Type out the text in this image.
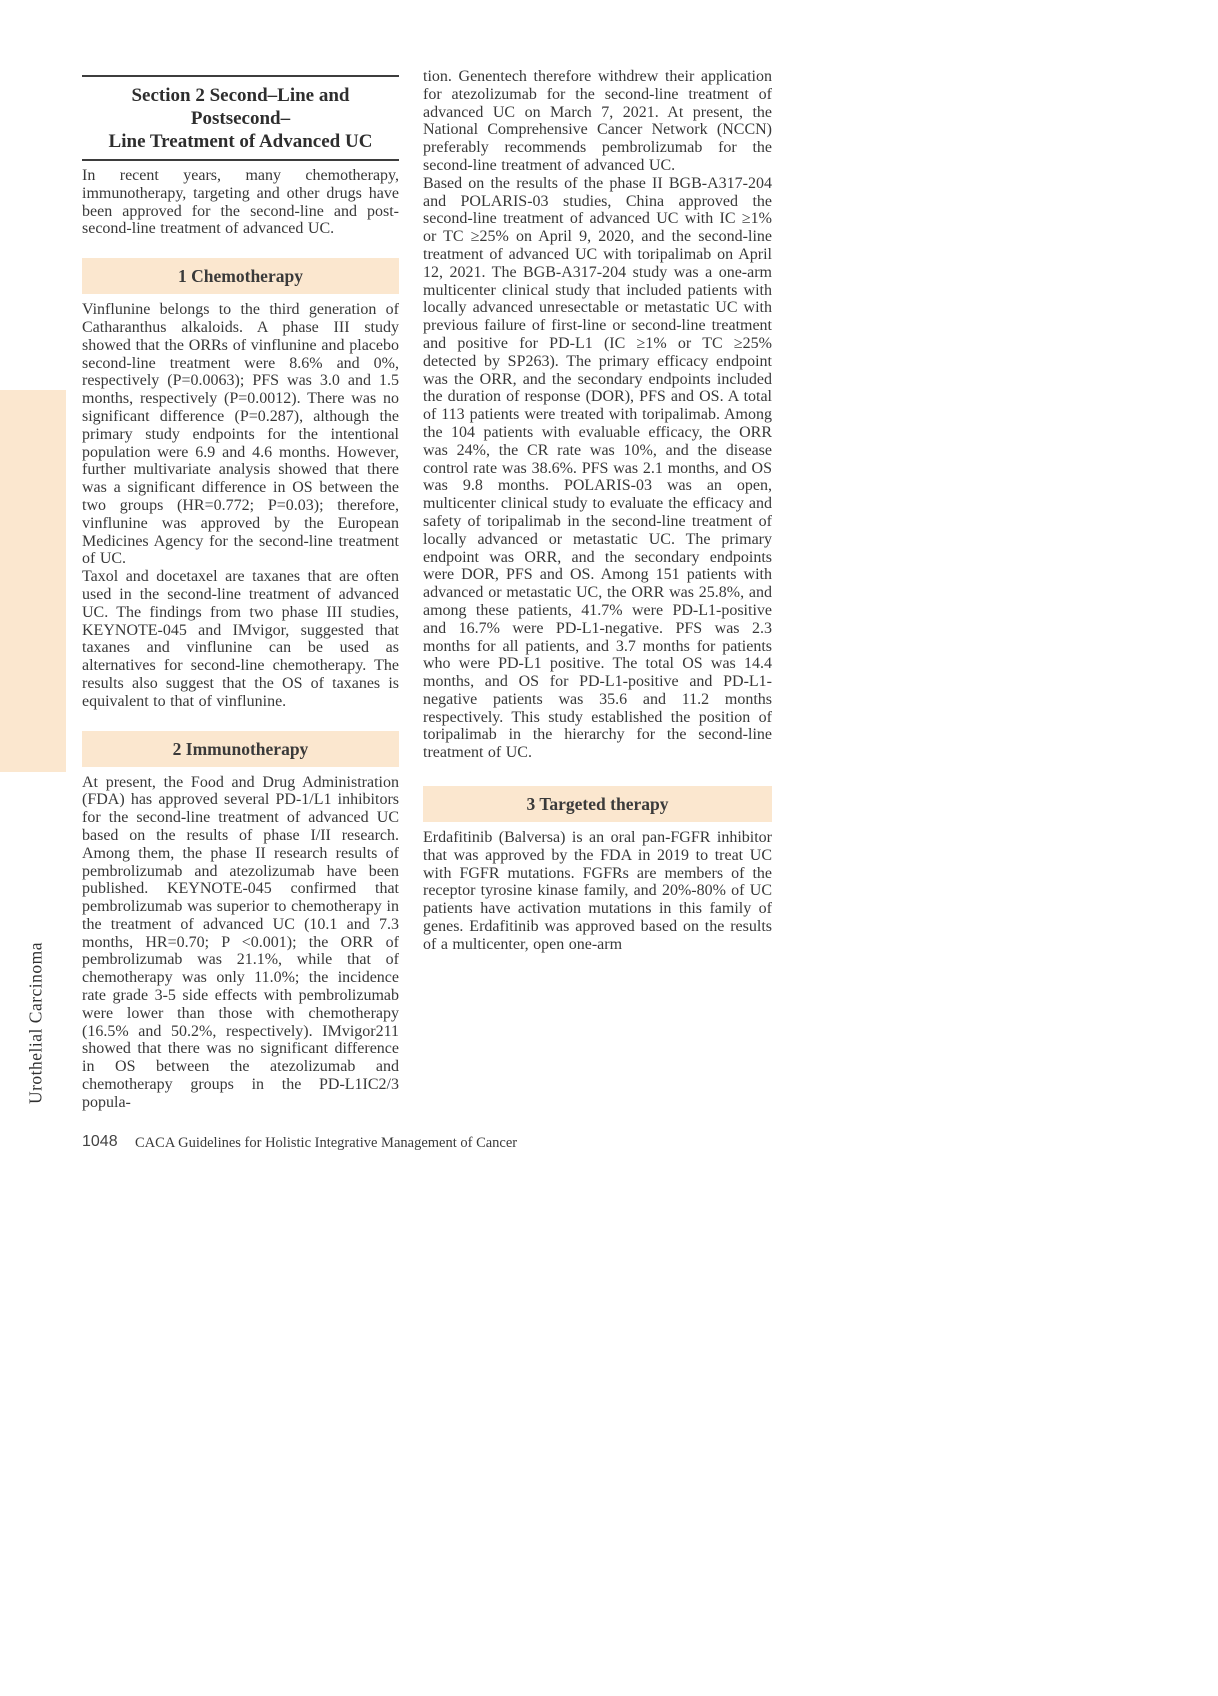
Urothelial Carcinoma
Section 2 Second–Line and Postsecond–
Line Treatment of Advanced UC

In recent years, many chemotherapy, immunotherapy, targeting and other drugs have been approved for the second-line and post-second-line treatment of advanced UC.

1 Chemotherapy

Vinflunine belongs to the third generation of Catharanthus alkaloids. A phase III study showed that the ORRs of vinflunine and placebo second-line treatment were 8.6% and 0%, respectively (P=0.0063); PFS was 3.0 and 1.5 months, respectively (P=0.0012). There was no significant difference (P=0.287), although the primary study endpoints for the intentional population were 6.9 and 4.6 months. However, further multivariate analysis showed that there was a significant difference in OS between the two groups (HR=0.772; P=0.03); therefore, vinflunine was approved by the European Medicines Agency for the second-line treatment of UC.

Taxol and docetaxel are taxanes that are often used in the second-line treatment of advanced UC. The findings from two phase III studies, KEYNOTE-045 and IMvigor, suggested that taxanes and vinflunine can be used as alternatives for second-line chemotherapy. The results also suggest that the OS of taxanes is equivalent to that of vinflunine.

2 Immunotherapy

At present, the Food and Drug Administration (FDA) has approved several PD-1/L1 inhibitors for the second-line treatment of advanced UC based on the results of phase I/II research. Among them, the phase II research results of pembrolizumab and atezolizumab have been published. KEYNOTE-045 confirmed that pembrolizumab was superior to chemotherapy in the treatment of advanced UC (10.1 and 7.3 months, HR=0.70; P <0.001); the ORR of pembrolizumab was 21.1%, while that of chemotherapy was only 11.0%; the incidence rate grade 3-5 side effects with pembrolizumab were lower than those with chemotherapy (16.5% and 50.2%, respectively). IMvigor211 showed that there was no significant difference in OS between the atezolizumab and chemotherapy groups in the PD-L1IC2/3 popula-

tion. Genentech therefore withdrew their application for atezolizumab for the second-line treatment of advanced UC on March 7, 2021. At present, the National Comprehensive Cancer Network (NCCN) preferably recommends pembrolizumab for the second-line treatment of advanced UC.

Based on the results of the phase II BGB-A317-204 and POLARIS-03 studies, China approved the second-line treatment of advanced UC with IC ≥1% or TC ≥25% on April 9, 2020, and the second-line treatment of advanced UC with toripalimab on April 12, 2021. The BGB-A317-204 study was a one-arm multicenter clinical study that included patients with locally advanced unresectable or metastatic UC with previous failure of first-line or second-line treatment and positive for PD-L1 (IC ≥1% or TC ≥25% detected by SP263). The primary efficacy endpoint was the ORR, and the secondary endpoints included the duration of response (DOR), PFS and OS. A total of 113 patients were treated with toripalimab. Among the 104 patients with evaluable efficacy, the ORR was 24%, the CR rate was 10%, and the disease control rate was 38.6%. PFS was 2.1 months, and OS was 9.8 months. POLARIS-03 was an open, multicenter clinical study to evaluate the efficacy and safety of toripalimab in the second-line treatment of locally advanced or metastatic UC. The primary endpoint was ORR, and the secondary endpoints were DOR, PFS and OS. Among 151 patients with advanced or metastatic UC, the ORR was 25.8%, and among these patients, 41.7% were PD-L1-positive and 16.7% were PD-L1-negative. PFS was 2.3 months for all patients, and 3.7 months for patients who were PD-L1 positive. The total OS was 14.4 months, and OS for PD-L1-positive and PD-L1-negative patients was 35.6 and 11.2 months respectively. This study established the position of toripalimab in the hierarchy for the second-line treatment of UC.

3 Targeted therapy

Erdafitinib (Balversa) is an oral pan-FGFR inhibitor that was approved by the FDA in 2019 to treat UC with FGFR mutations. FGFRs are members of the receptor tyrosine kinase family, and 20%-80% of UC patients have activation mutations in this family of genes. Erdafitinib was approved based on the results of a multicenter, open one-arm

1048 CACA Guidelines for Holistic Integrative Management of Cancer
